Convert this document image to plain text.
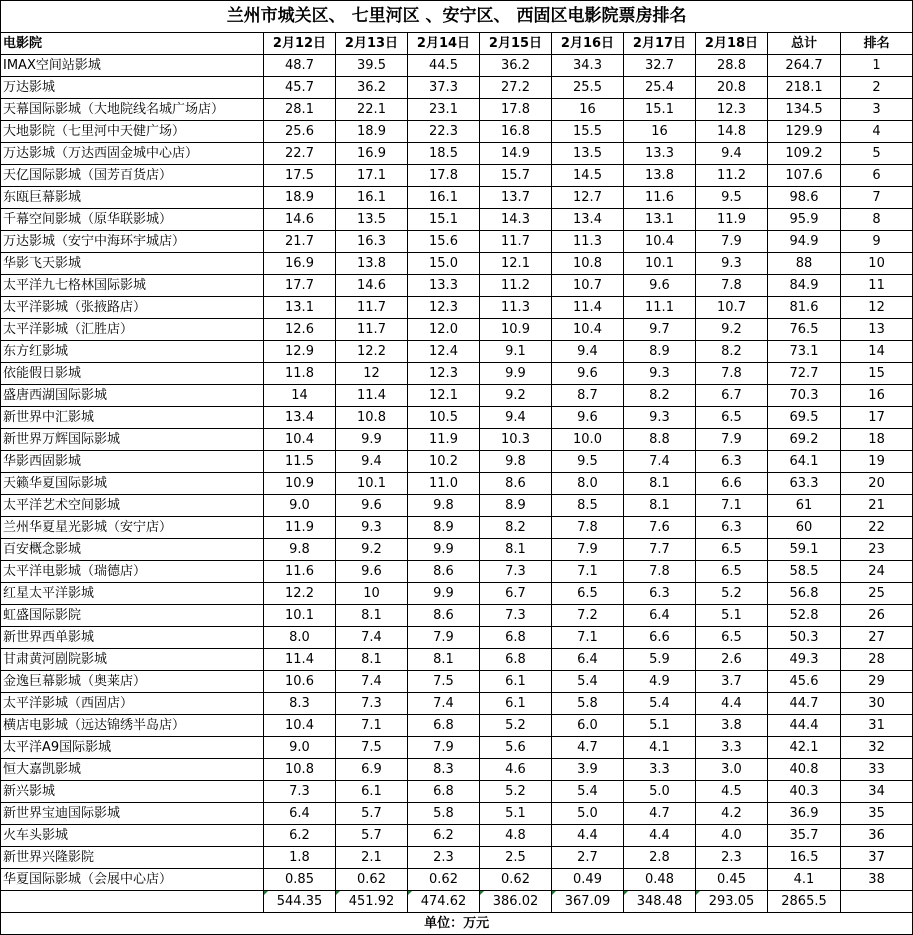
兰州市城关区、 七里河区 、安宁区、 西固区电影院票房排名									
电影院	2月12日	2月13日	2月14日	2月15日	2月16日	2月17日	2月18日	总计	排名
IMAX空间站影城	48.7	39.5	44.5	36.2	34.3	32.7	28.8	264.7	1
万达影城	45.7	36.2	37.3	27.2	25.5	25.4	20.8	218.1	2
天幕国际影城（大地院线名城广场店）	28.1	22.1	23.1	17.8	16	15.1	12.3	134.5	3
大地影院（七里河中天健广场）	25.6	18.9	22.3	16.8	15.5	16	14.8	129.9	4
万达影城（万达西固金城中心店）	22.7	16.9	18.5	14.9	13.5	13.3	9.4	109.2	5
天亿国际影城（国芳百货店）	17.5	17.1	17.8	15.7	14.5	13.8	11.2	107.6	6
东瓯巨幕影城	18.9	16.1	16.1	13.7	12.7	11.6	9.5	98.6	7
千幕空间影城（原华联影城）	14.6	13.5	15.1	14.3	13.4	13.1	11.9	95.9	8
万达影城（安宁中海环宇城店）	21.7	16.3	15.6	11.7	11.3	10.4	7.9	94.9	9
华影飞天影城	16.9	13.8	15.0	12.1	10.8	10.1	9.3	88	10
太平洋九七格林国际影城	17.7	14.6	13.3	11.2	10.7	9.6	7.8	84.9	11
太平洋影城（张掖路店）	13.1	11.7	12.3	11.3	11.4	11.1	10.7	81.6	12
太平洋影城（汇胜店）	12.6	11.7	12.0	10.9	10.4	9.7	9.2	76.5	13
东方红影城	12.9	12.2	12.4	9.1	9.4	8.9	8.2	73.1	14
依能假日影城	11.8	12	12.3	9.9	9.6	9.3	7.8	72.7	15
盛唐西湖国际影城	14	11.4	12.1	9.2	8.7	8.2	6.7	70.3	16
新世界中汇影城	13.4	10.8	10.5	9.4	9.6	9.3	6.5	69.5	17
新世界万辉国际影城	10.4	9.9	11.9	10.3	10.0	8.8	7.9	69.2	18
华影西固影城	11.5	9.4	10.2	9.8	9.5	7.4	6.3	64.1	19
天籁华夏国际影城	10.9	10.1	11.0	8.6	8.0	8.1	6.6	63.3	20
太平洋艺术空间影城	9.0	9.6	9.8	8.9	8.5	8.1	7.1	61	21
兰州华夏星光影城（安宁店）	11.9	9.3	8.9	8.2	7.8	7.6	6.3	60	22
百安概念影城	9.8	9.2	9.9	8.1	7.9	7.7	6.5	59.1	23
太平洋电影城（瑞德店）	11.6	9.6	8.6	7.3	7.1	7.8	6.5	58.5	24
红星太平洋影城	12.2	10	9.9	6.7	6.5	6.3	5.2	56.8	25
虹盛国际影院	10.1	8.1	8.6	7.3	7.2	6.4	5.1	52.8	26
新世界西单影城	8.0	7.4	7.9	6.8	7.1	6.6	6.5	50.3	27
甘肃黄河剧院影城	11.4	8.1	8.1	6.8	6.4	5.9	2.6	49.3	28
金逸巨幕影城（奥莱店）	10.6	7.4	7.5	6.1	5.4	4.9	3.7	45.6	29
太平洋影城（西固店）	8.3	7.3	7.4	6.1	5.8	5.4	4.4	44.7	30
横店电影城（远达锦绣半岛店）	10.4	7.1	6.8	5.2	6.0	5.1	3.8	44.4	31
太平洋A9国际影城	9.0	7.5	7.9	5.6	4.7	4.1	3.3	42.1	32
恒大嘉凯影城	10.8	6.9	8.3	4.6	3.9	3.3	3.0	40.8	33
新兴影城	7.3	6.1	6.8	5.2	5.4	5.0	4.5	40.3	34
新世界宝迪国际影城	6.4	5.7	5.8	5.1	5.0	4.7	4.2	36.9	35
火车头影城	6.2	5.7	6.2	4.8	4.4	4.4	4.0	35.7	36
新世界兴隆影院	1.8	2.1	2.3	2.5	2.7	2.8	2.3	16.5	37
华夏国际影城（会展中心店）	0.85	0.62	0.62	0.62	0.49	0.48	0.45	4.1	38
	544.35	451.92	474.62	386.02	367.09	348.48	293.05	2865.5	
单位：万元									
